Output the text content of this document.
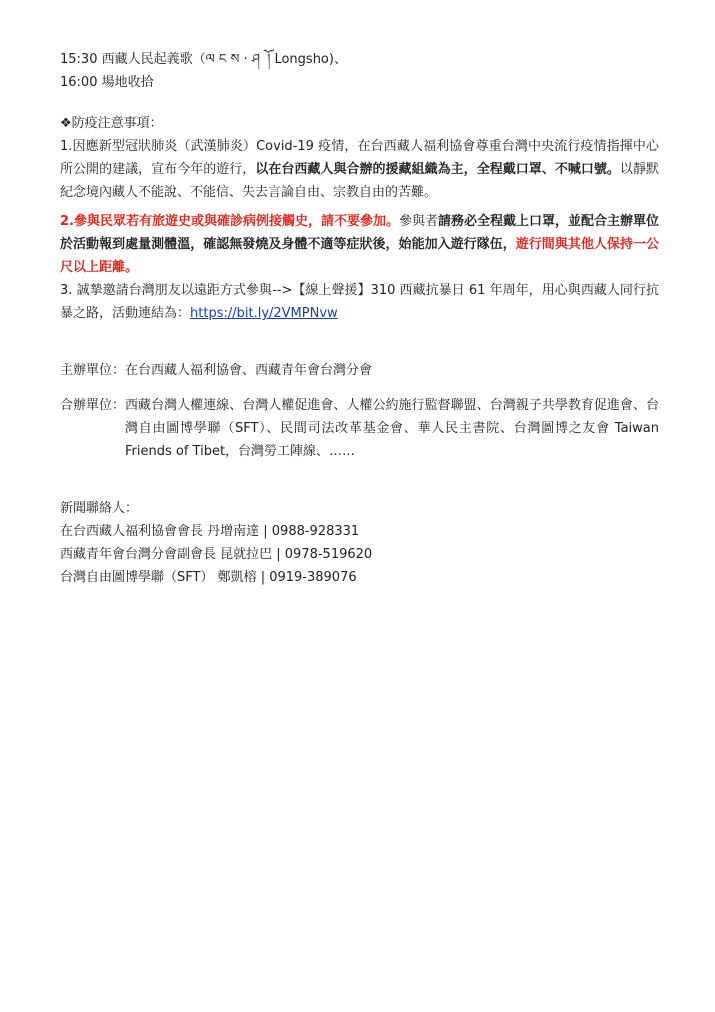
15:30 西藏人民起義歌（ལ ང ས · ཤ ོ ། Longsho)、

16:00 場地收拾

❖防疫注意事項：

1.因應新型冠狀肺炎（武漢肺炎）Covid-19 疫情，在台西藏人福利協會尊重台灣中央流行疫情指揮中心所公開的建議，宣布今年的遊行，以在台西藏人與合辦的援藏組織為主，全程戴口罩、不喊口號。以靜默紀念境內藏人不能說、不能信、失去言論自由、宗教自由的苦難。

2.參與民眾若有旅遊史或與確診病例接觸史，請不要參加。參與者請務必全程戴上口罩，並配合主辦單位於活動報到處量測體溫，確認無發燒及身體不適等症狀後，始能加入遊行隊伍，遊行間與其他人保持一公尺以上距離。

3. 誠摯邀請台灣朋友以遠距方式參與-->【線上聲援】310 西藏抗暴日 61 年周年，用心與西藏人同行抗暴之路，活動連結為：https://bit.ly/2VMPNvw

主辦單位：在台西藏人福利協會、西藏青年會台灣分會

合辦單位： 西藏台灣人權連線、台灣人權促進會、人權公約施行監督聯盟、台灣親子共學教育促進會、台灣自由圖博學聯（SFT）、民間司法改革基金會、華人民主書院、台灣圖博之友會 Taiwan Friends of Tibet，台灣勞工陣線、……

新聞聯絡人：

在台西藏人福利協會會長 丹增南達 | 0988-928331

西藏青年會台灣分會副會長 昆就拉巴 | 0978-519620

台灣自由圖博學聯（SFT） 鄭凱榕 | 0919-389076
